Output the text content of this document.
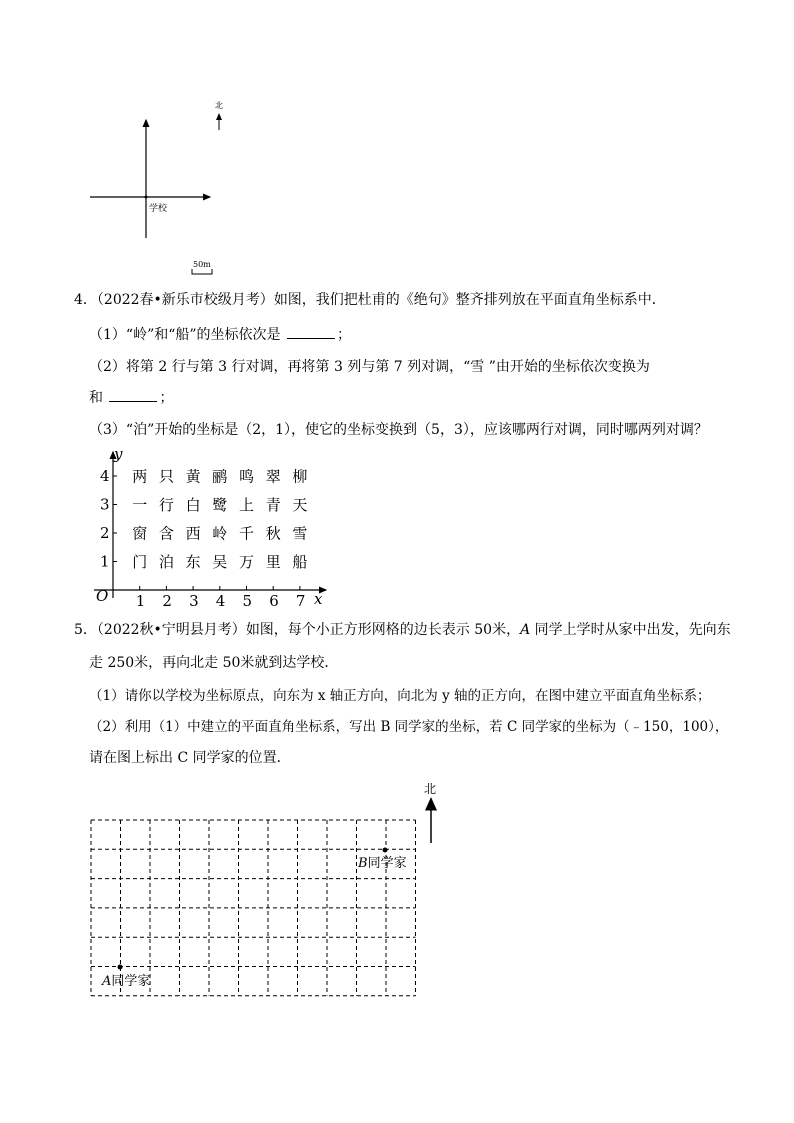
学校
北
50m
4．（2022春•新乐市校级月考）如图，我们把杜甫的《绝句》整齐排列放在平面直角坐标系中．
（1）“岭”和“船”的坐标依次是	；
（2）将第 2 行与第 3 行对调，再将第 3 列与第 7 列对调，“雪 ”由开始的坐标依次变换为
和	；
（3）“泊”开始的坐标是（2，1），使它的坐标变换到（5，3），应该哪两行对调，同时哪两列对调？
y
x
O 1 2 3 4 5 6 7
1
2
3
4 两 只 黄 鹂 鸣 翠 柳
一 行 白 鹭 上 青 天
窗 含 西 岭 千 秋 雪
门 泊 东 吴 万 里 船
5．（2022秋•宁明县月考）如图，每个小正方形网格的边长表示 50米，A 同学上学时从家中出发，先向东
走 250米，再向北走 50米就到达学校．
（1）请你以学校为坐标原点，向东为 x 轴正方向，向北为 y 轴的正方向，在图中建立平面直角坐标系；
（2）利用（1）中建立的平面直角坐标系，写出 B 同学家的坐标，若 C 同学家的坐标为（﹣150，100），
请在图上标出 C 同学家的位置．
北
B同学家
A同学家
